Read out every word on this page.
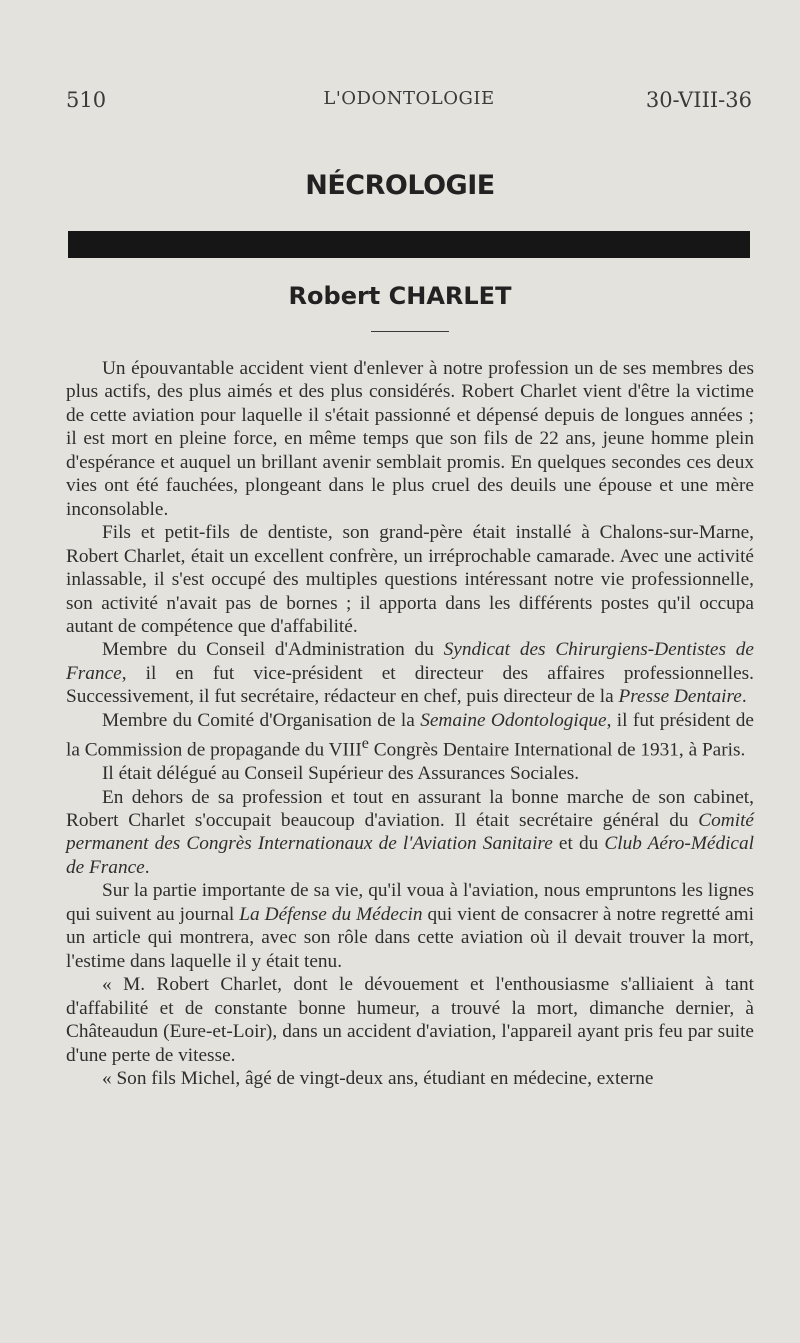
510	L'ODONTOLOGIE	30-VIII-36
NÉCROLOGIE
Robert CHARLET

Un épouvantable accident vient d'enlever à notre profession un de ses membres des plus actifs, des plus aimés et des plus considérés. Robert Charlet vient d'être la victime de cette aviation pour laquelle il s'était passionné et dépensé depuis de longues années ; il est mort en pleine force, en même temps que son fils de 22 ans, jeune homme plein d'espérance et auquel un brillant avenir semblait promis. En quelques secondes ces deux vies ont été fauchées, plongeant dans le plus cruel des deuils une épouse et une mère inconsolable.

Fils et petit-fils de dentiste, son grand-père était installé à Chalons-sur-Marne, Robert Charlet, était un excellent confrère, un irréprochable camarade. Avec une activité inlassable, il s'est occupé des multiples questions intéressant notre vie professionnelle, son activité n'avait pas de bornes ; il apporta dans les différents postes qu'il occupa autant de compétence que d'affabilité.

Membre du Conseil d'Administration du Syndicat des Chirurgiens-Dentistes de France, il en fut vice-président et directeur des affaires professionnelles. Successivement, il fut secrétaire, rédacteur en chef, puis directeur de la Presse Dentaire.

Membre du Comité d'Organisation de la Semaine Odontologique, il fut président de la Commission de propagande du VIIIe Congrès Dentaire International de 1931, à Paris.

Il était délégué au Conseil Supérieur des Assurances Sociales.

En dehors de sa profession et tout en assurant la bonne marche de son cabinet, Robert Charlet s'occupait beaucoup d'aviation. Il était secrétaire général du Comité permanent des Congrès Internationaux de l'Aviation Sanitaire et du Club Aéro-Médical de France.

Sur la partie importante de sa vie, qu'il voua à l'aviation, nous empruntons les lignes qui suivent au journal La Défense du Médecin qui vient de consacrer à notre regretté ami un article qui montrera, avec son rôle dans cette aviation où il devait trouver la mort, l'estime dans laquelle il y était tenu.

« M. Robert Charlet, dont le dévouement et l'enthousiasme s'alliaient à tant d'affabilité et de constante bonne humeur, a trouvé la mort, dimanche dernier, à Châteaudun (Eure-et-Loir), dans un accident d'aviation, l'appareil ayant pris feu par suite d'une perte de vitesse.

« Son fils Michel, âgé de vingt-deux ans, étudiant en médecine, externe
